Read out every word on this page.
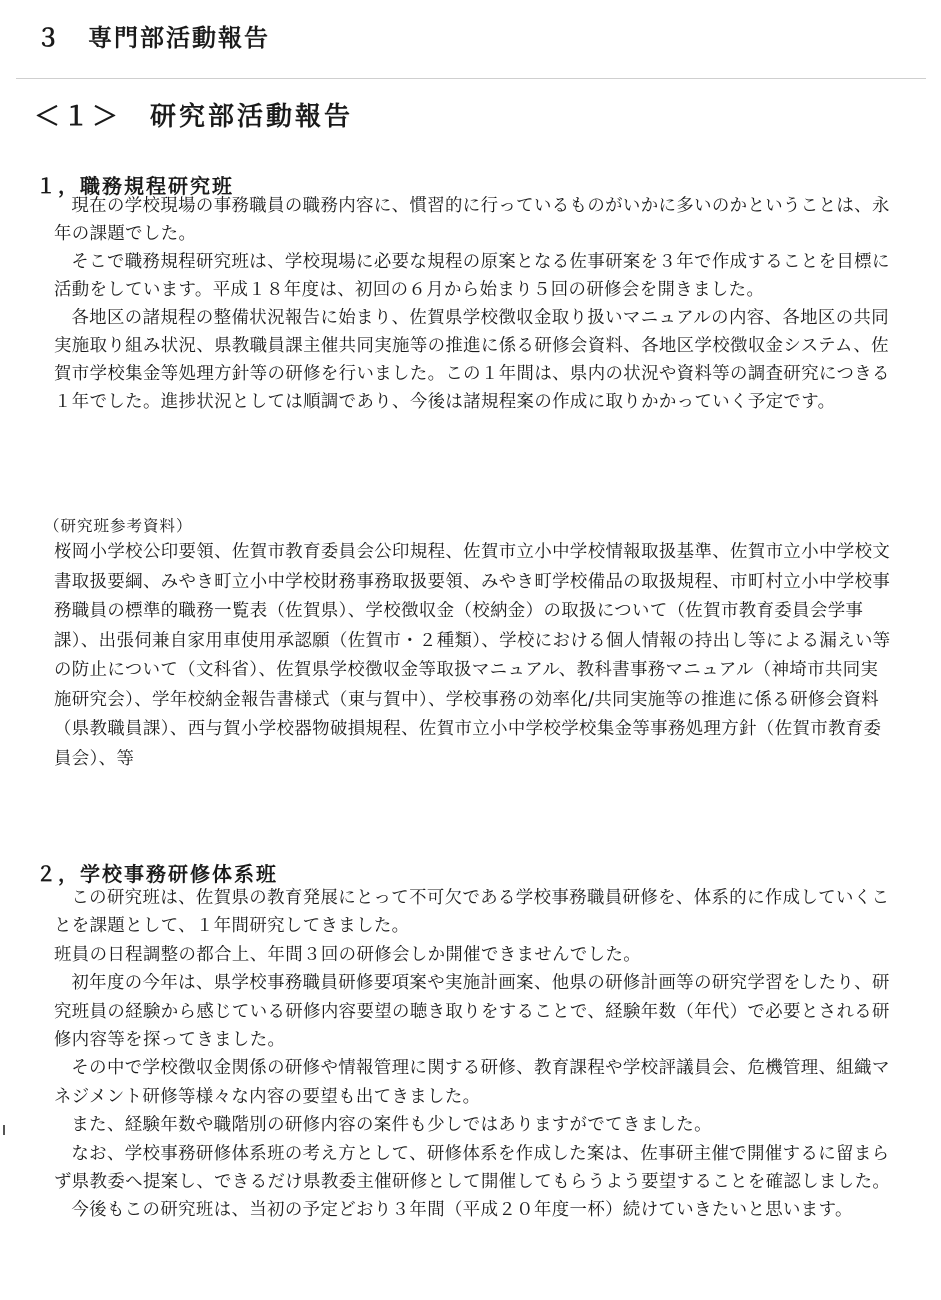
３　専門部活動報告
＜１＞　研究部活動報告
１，職務規程研究班

現在の学校現場の事務職員の職務内容に、慣習的に行っているものがいかに多いのかということは、永年の課題でした。

そこで職務規程研究班は、学校現場に必要な規程の原案となる佐事研案を３年で作成することを目標に活動をしています。平成１８年度は、初回の６月から始まり５回の研修会を開きました。

各地区の諸規程の整備状況報告に始まり、佐賀県学校徴収金取り扱いマニュアルの内容、各地区の共同実施取り組み状況、県教職員課主催共同実施等の推進に係る研修会資料、各地区学校徴収金システム、佐賀市学校集金等処理方針等の研修を行いました。この１年間は、県内の状況や資料等の調査研究につきる１年でした。進捗状況としては順調であり、今後は諸規程案の作成に取りかかっていく予定です。

（研究班参考資料）

桜岡小学校公印要領、佐賀市教育委員会公印規程、佐賀市立小中学校情報取扱基準、佐賀市立小中学校文書取扱要綱、みやき町立小中学校財務事務取扱要領、みやき町学校備品の取扱規程、市町村立小中学校事務職員の標準的職務一覧表（佐賀県）、学校徴収金（校納金）の取扱について（佐賀市教育委員会学事課）、出張伺兼自家用車使用承認願（佐賀市・２種類）、学校における個人情報の持出し等による漏えい等の防止について（文科省）、佐賀県学校徴収金等取扱マニュアル、教科書事務マニュアル（神埼市共同実施研究会）、学年校納金報告書様式（東与賀中）、学校事務の効率化/共同実施等の推進に係る研修会資料（県教職員課）、西与賀小学校器物破損規程、佐賀市立小中学校学校集金等事務処理方針（佐賀市教育委員会）、等

２，学校事務研修体系班

この研究班は、佐賀県の教育発展にとって不可欠である学校事務職員研修を、体系的に作成していくことを課題として、１年間研究してきました。

班員の日程調整の都合上、年間３回の研修会しか開催できませんでした。

初年度の今年は、県学校事務職員研修要項案や実施計画案、他県の研修計画等の研究学習をしたり、研究班員の経験から感じている研修内容要望の聴き取りをすることで、経験年数（年代）で必要とされる研修内容等を探ってきました。

その中で学校徴収金関係の研修や情報管理に関する研修、教育課程や学校評議員会、危機管理、組織マネジメント研修等様々な内容の要望も出てきました。

また、経験年数や職階別の研修内容の案件も少しではありますがでてきました。

なお、学校事務研修体系班の考え方として、研修体系を作成した案は、佐事研主催で開催するに留まらず県教委へ提案し、できるだけ県教委主催研修として開催してもらうよう要望することを確認しました。

今後もこの研究班は、当初の予定どおり３年間（平成２０年度一杯）続けていきたいと思います。
